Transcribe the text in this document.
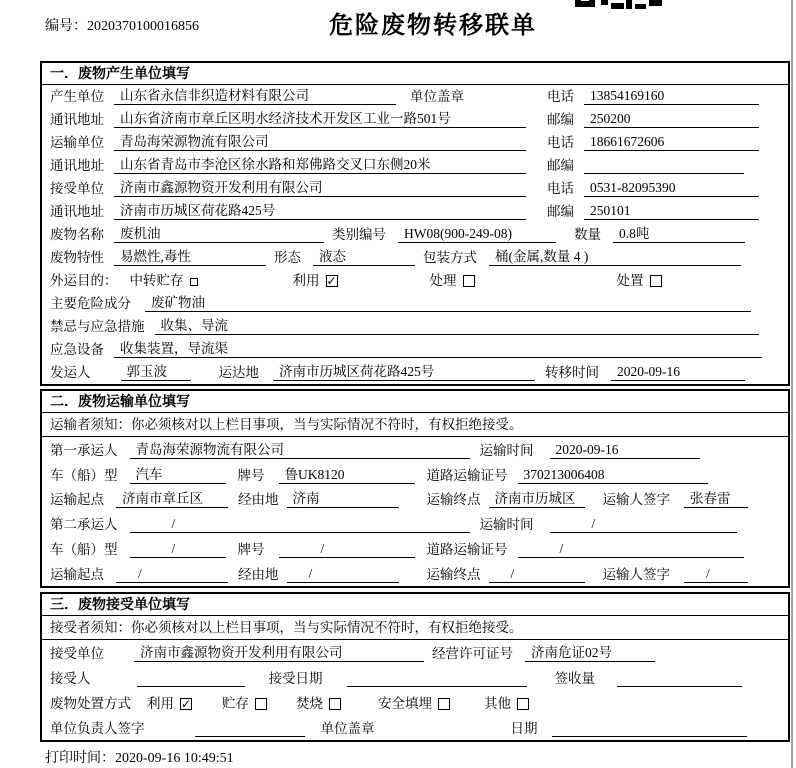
编号：2020370100016856	危险废物转移联单
一．废物产生单位填写
产生单位	山东省永信非织造材料有限公司	单位盖章	电话	13854169160
通讯地址	山东省济南市章丘区明水经济技术开发区工业一路501号	邮编	250200
运输单位	青岛海荣源物流有限公司	电话	18661672606
通讯地址	山东省青岛市李沧区徐水路和郑佛路交叉口东侧20米	邮编
接受单位	济南市鑫源物资开发利用有限公司	电话	0531-82095390
通讯地址	济南市历城区荷花路425号	邮编	250101
废物名称	废机油	类别编号	HW08(900-249-08)	数量	0.8吨
废物特性	易燃性,毒性	形态	液态	包装方式	桶(金属,数量 4 )
外运目的： 中转贮存	利用 ✓	处理	处置
主要危险成分	废矿物油
禁忌与应急措施	收集、导流
应急设备	收集装置，导流渠
发运人	郭玉波	运达地	济南市历城区荷花路425号	转移时间	2020-09-16
二．废物运输单位填写
运输者须知：你必须核对以上栏目事项，当与实际情况不符时，有权拒绝接受。
第一承运人	青岛海荣源物流有限公司	运输时间	2020-09-16
车（船）型	汽车	牌号	鲁UK8120	道路运输证号	370213006408
运输起点	济南市章丘区	经由地	济南	运输终点	济南市历城区	运输人签字	张春雷
第二承运人	/	运输时间	/
车（船）型	/	牌号	/	道路运输证号	/
运输起点	/	经由地	/	运输终点	/	运输人签字	/
三．废物接受单位填写
接受者须知：你必须核对以上栏目事项，当与实际情况不符时，有权拒绝接受。
接受单位	济南市鑫源物资开发利用有限公司	经营许可证号	济南危证02号
接受人	接受日期	签收量
废物处置方式 利用 ✓ 贮存	焚烧	安全填埋	其他
单位负责人签字	单位盖章	日期
打印时间：2020-09-16 10:49:51
